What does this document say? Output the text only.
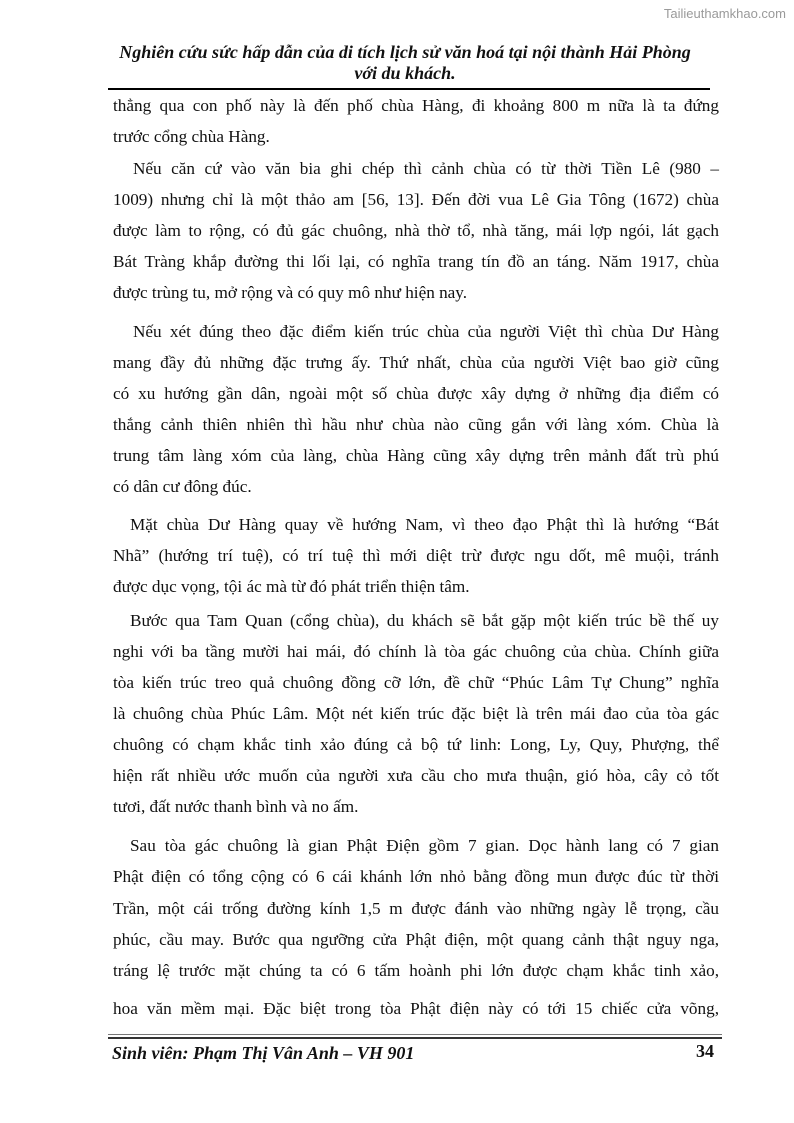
Tailieuthamkhao.com
Nghiên cứu sức hấp dẫn của di tích lịch sử văn hoá tại nội thành Hải Phòng
với du khách.
thẳng qua con phố này là đến phố chùa Hàng, đi khoảng 800 m nữa là ta đứng
trước cổng chùa Hàng.
Nếu căn cứ vào văn bia ghi chép thì cảnh chùa có từ thời Tiền Lê (980 –
1009) nhưng chỉ là một thảo am [56, 13]. Đến đời vua Lê Gia Tông (1672) chùa
được làm to rộng, có đủ gác chuông, nhà thờ tổ, nhà tăng, mái lợp ngói, lát gạch
Bát Tràng khắp đường thi lối lại, có nghĩa trang tín đồ an táng. Năm 1917, chùa
được trùng tu, mở rộng và có quy mô như hiện nay.
Nếu xét đúng theo đặc điểm kiến trúc chùa của người Việt thì chùa Dư Hàng
mang đầy đủ những đặc trưng ấy. Thứ nhất, chùa của người Việt bao giờ cũng
có xu hướng gần dân, ngoài một số chùa được xây dựng ở những địa điểm có
thắng cảnh thiên nhiên thì hầu như chùa nào cũng gắn với làng xóm. Chùa là
trung tâm làng xóm của làng, chùa Hàng cũng xây dựng trên mảnh đất trù phú
có dân cư đông đúc.
Mặt chùa Dư Hàng quay về hướng Nam, vì theo đạo Phật thì là hướng “Bát
Nhã” (hướng trí tuệ), có trí tuệ thì mới diệt trừ được ngu dốt, mê muội, tránh
được dục vọng, tội ác mà từ đó phát triển thiện tâm.
Bước qua Tam Quan (cổng chùa), du khách sẽ bắt gặp một kiến trúc bề thế uy
nghi với ba tầng mười hai mái, đó chính là tòa gác chuông của chùa. Chính giữa
tòa kiến trúc treo quả chuông đồng cỡ lớn, đề chữ “Phúc Lâm Tự Chung” nghĩa
là chuông chùa Phúc Lâm. Một nét kiến trúc đặc biệt là trên mái đao của tòa gác
chuông có chạm khắc tinh xảo đúng cả bộ tứ linh: Long, Ly, Quy, Phượng, thể
hiện rất nhiều ước muốn của người xưa cầu cho mưa thuận, gió hòa, cây cỏ tốt
tươi, đất nước thanh bình và no ấm.
Sau tòa gác chuông là gian Phật Điện gồm 7 gian. Dọc hành lang có 7 gian
Phật điện có tổng cộng có 6 cái khánh lớn nhỏ bằng đồng mun được đúc từ thời
Trần, một cái trống đường kính 1,5 m được đánh vào những ngày lễ trọng, cầu
phúc, cầu may. Bước qua ngưỡng cửa Phật điện, một quang cảnh thật nguy nga,
tráng lệ trước mặt chúng ta có 6 tấm hoành phi lớn được chạm khắc tinh xảo,
hoa văn mềm mại. Đặc biệt trong tòa Phật điện này có tới 15 chiếc cửa võng,
Sinh viên: Phạm Thị Vân Anh – VH 901	34
